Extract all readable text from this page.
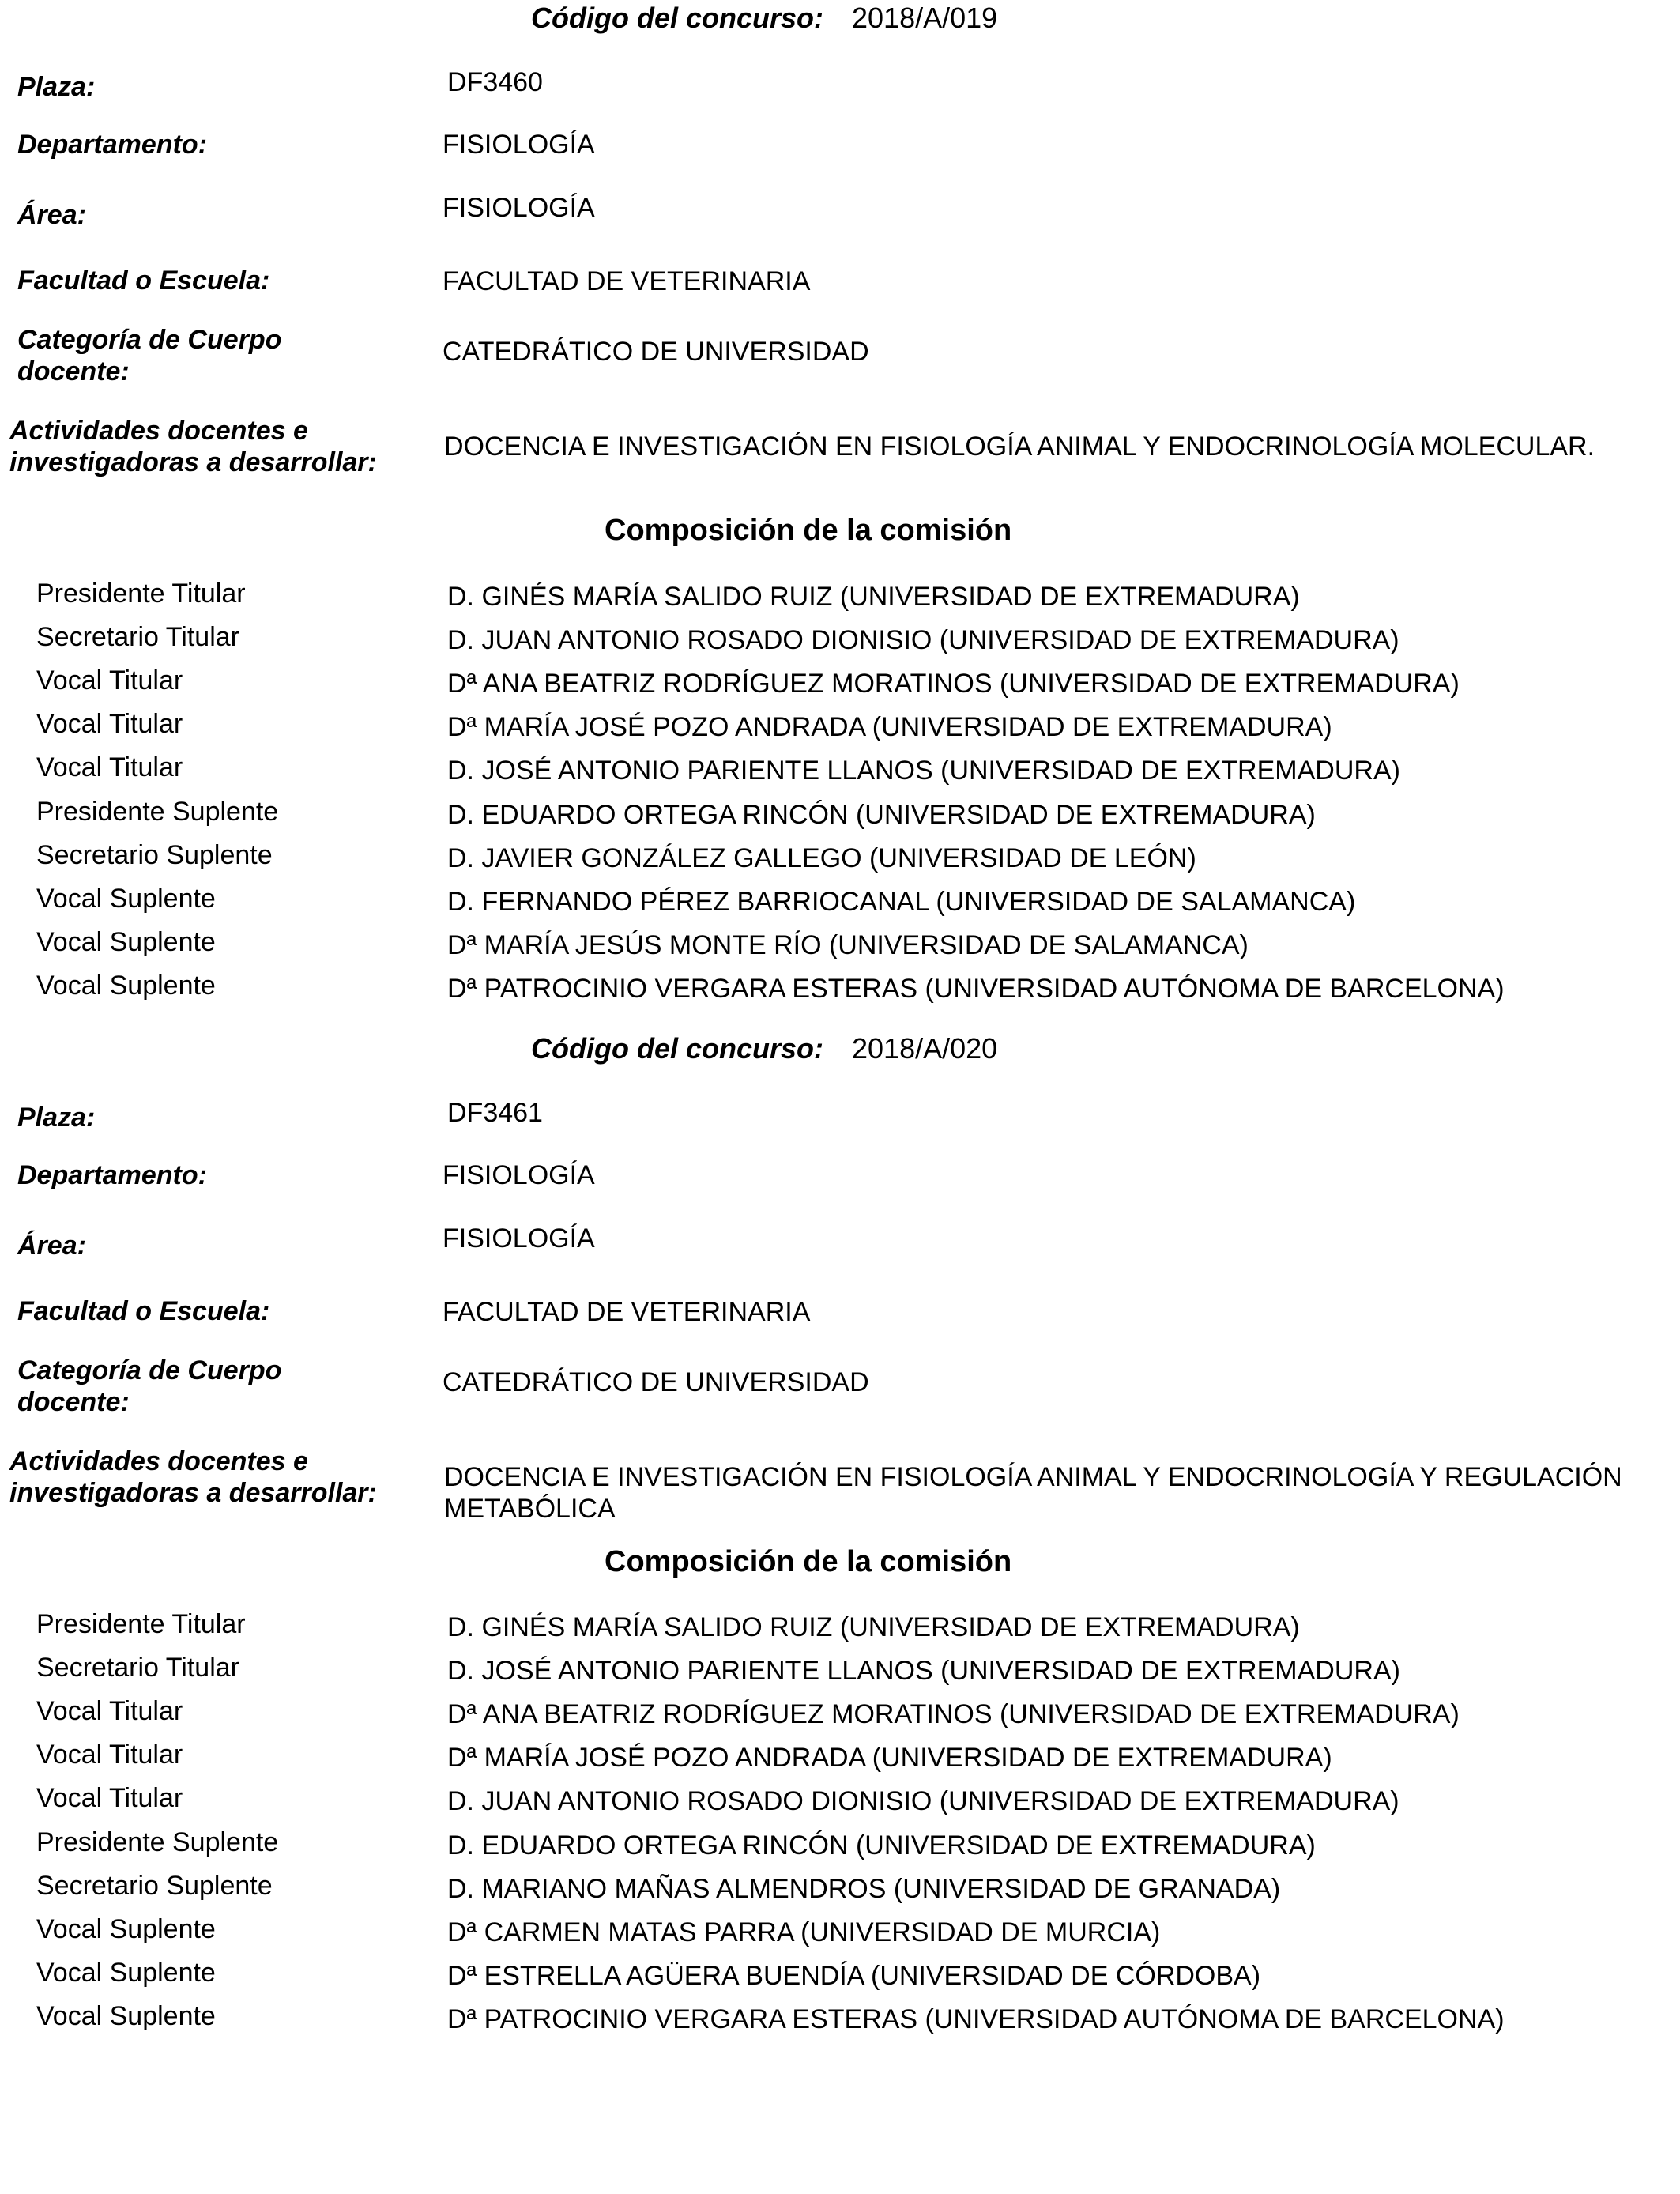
Código del concurso: 2018/A/019
Plaza:	DF3460
Departamento:	FISIOLOGÍA
Área:	FISIOLOGÍA
Facultad o Escuela:	FACULTAD DE VETERINARIA
Categoría de Cuerpo
docente:
CATEDRÁTICO DE UNIVERSIDAD
Actividades docentes e
investigadoras a desarrollar:
DOCENCIA E INVESTIGACIÓN EN FISIOLOGÍA ANIMAL Y ENDOCRINOLOGÍA MOLECULAR.
Composición de la comisión
Presidente Titular	D. GINÉS MARÍA SALIDO RUIZ (UNIVERSIDAD DE EXTREMADURA)
Secretario Titular	D. JUAN ANTONIO ROSADO DIONISIO (UNIVERSIDAD DE EXTREMADURA)
Vocal Titular	Dª ANA BEATRIZ RODRÍGUEZ MORATINOS (UNIVERSIDAD DE EXTREMADURA)
Vocal Titular	Dª MARÍA JOSÉ POZO ANDRADA (UNIVERSIDAD DE EXTREMADURA)
Vocal Titular	D. JOSÉ ANTONIO PARIENTE LLANOS (UNIVERSIDAD DE EXTREMADURA)
Presidente Suplente	D. EDUARDO ORTEGA RINCÓN (UNIVERSIDAD DE EXTREMADURA)
Secretario Suplente	D. JAVIER GONZÁLEZ GALLEGO (UNIVERSIDAD DE LEÓN)
Vocal Suplente	D. FERNANDO PÉREZ BARRIOCANAL (UNIVERSIDAD DE SALAMANCA)
Vocal Suplente	Dª MARÍA JESÚS MONTE RÍO (UNIVERSIDAD DE SALAMANCA)
Vocal Suplente	Dª PATROCINIO VERGARA ESTERAS (UNIVERSIDAD AUTÓNOMA DE BARCELONA)
Código del concurso: 2018/A/020
Plaza:	DF3461
Departamento:	FISIOLOGÍA
Área:	FISIOLOGÍA
Facultad o Escuela:	FACULTAD DE VETERINARIA
Categoría de Cuerpo
docente:
CATEDRÁTICO DE UNIVERSIDAD
Actividades docentes e
investigadoras a desarrollar:
DOCENCIA E INVESTIGACIÓN EN FISIOLOGÍA ANIMAL Y ENDOCRINOLOGÍA Y REGULACIÓN
METABÓLICA
Composición de la comisión
Presidente Titular	D. GINÉS MARÍA SALIDO RUIZ (UNIVERSIDAD DE EXTREMADURA)
Secretario Titular	D. JOSÉ ANTONIO PARIENTE LLANOS (UNIVERSIDAD DE EXTREMADURA)
Vocal Titular	Dª ANA BEATRIZ RODRÍGUEZ MORATINOS (UNIVERSIDAD DE EXTREMADURA)
Vocal Titular	Dª MARÍA JOSÉ POZO ANDRADA (UNIVERSIDAD DE EXTREMADURA)
Vocal Titular	D. JUAN ANTONIO ROSADO DIONISIO (UNIVERSIDAD DE EXTREMADURA)
Presidente Suplente	D. EDUARDO ORTEGA RINCÓN (UNIVERSIDAD DE EXTREMADURA)
Secretario Suplente	D. MARIANO MAÑAS ALMENDROS (UNIVERSIDAD DE GRANADA)
Vocal Suplente	Dª CARMEN MATAS PARRA (UNIVERSIDAD DE MURCIA)
Vocal Suplente	Dª ESTRELLA AGÜERA BUENDÍA (UNIVERSIDAD DE CÓRDOBA)
Vocal Suplente	Dª PATROCINIO VERGARA ESTERAS (UNIVERSIDAD AUTÓNOMA DE BARCELONA)
